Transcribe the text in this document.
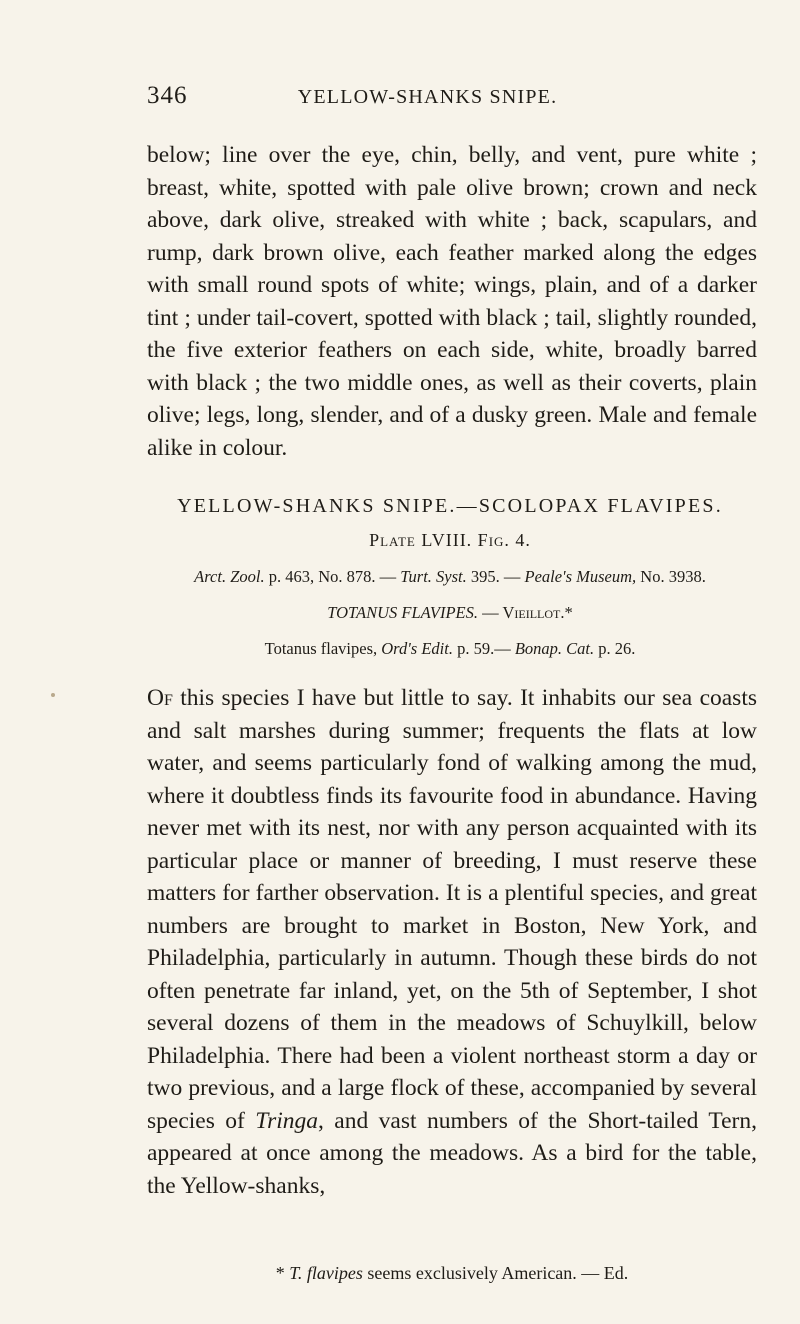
346	YELLOW-SHANKS SNIPE.

below; line over the eye, chin, belly, and vent, pure white ; breast, white, spotted with pale olive brown; crown and neck above, dark olive, streaked with white ; back, scapulars, and rump, dark brown olive, each feather marked along the edges with small round spots of white; wings, plain, and of a darker tint ; under tail-covert, spotted with black ; tail, slightly rounded, the five exterior feathers on each side, white, broadly barred with black ; the two middle ones, as well as their coverts, plain olive; legs, long, slender, and of a dusky green. Male and female alike in colour.

YELLOW-SHANKS SNIPE.—SCOLOPAX FLAVIPES.
Plate LVIII. Fig. 4.
Arct. Zool. p. 463, No. 878. — Turt. Syst. 395. — Peale's Museum, No. 3938.
TOTANUS FLAVIPES. — Vieillot.*
Totanus flavipes, Ord's Edit. p. 59.— Bonap. Cat. p. 26.

Of this species I have but little to say. It inhabits our sea coasts and salt marshes during summer; frequents the flats at low water, and seems particularly fond of walking among the mud, where it doubtless finds its favourite food in abundance. Having never met with its nest, nor with any person acquainted with its particular place or manner of breeding, I must reserve these matters for farther observation. It is a plentiful species, and great numbers are brought to market in Boston, New York, and Philadelphia, particularly in autumn. Though these birds do not often penetrate far inland, yet, on the 5th of September, I shot several dozens of them in the meadows of Schuylkill, below Philadelphia. There had been a violent northeast storm a day or two previous, and a large flock of these, accompanied by several species of Tringa, and vast numbers of the Short-tailed Tern, appeared at once among the meadows. As a bird for the table, the Yellow-shanks,

* T. flavipes seems exclusively American. — Ed.
